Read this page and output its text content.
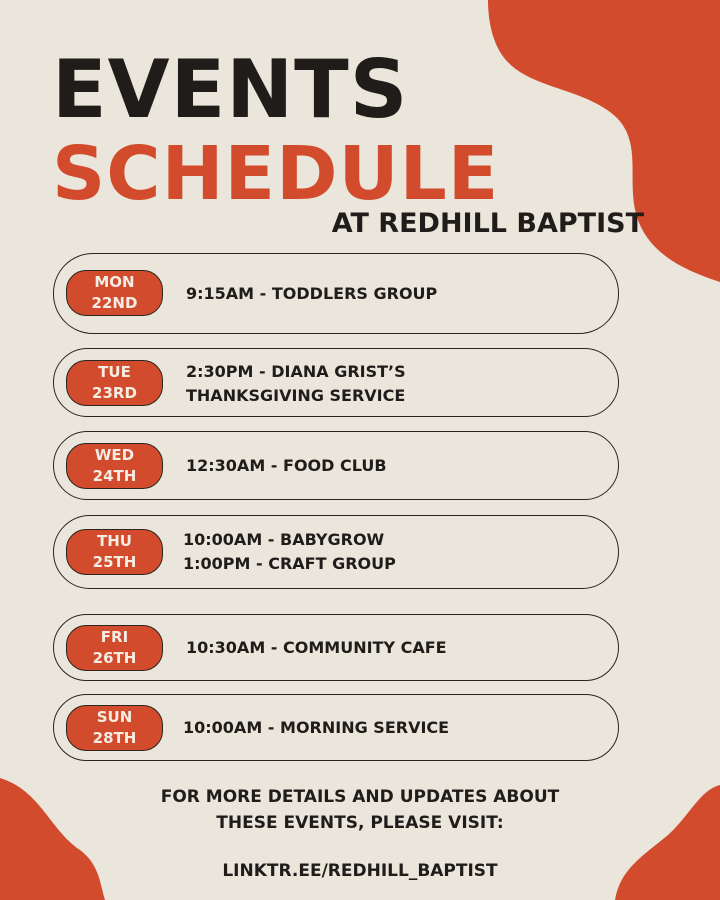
EVENTS
SCHEDULE
AT REDHILL BAPTIST
MON
22ND	9:15AM - TODDLERS GROUP
TUE
23RD
2:30PM - DIANA GRIST’S
THANKSGIVING SERVICE
WED
24TH
12:30AM - FOOD CLUB
THU
25TH
10:00AM - BABYGROW
1:00PM - CRAFT GROUP
FRI
26TH
10:30AM - COMMUNITY CAFE
SUN
28TH
10:00AM - MORNING SERVICE
FOR MORE DETAILS AND UPDATES ABOUT
THESE EVENTS, PLEASE VISIT:
LINKTR.EE/REDHILL_BAPTIST
